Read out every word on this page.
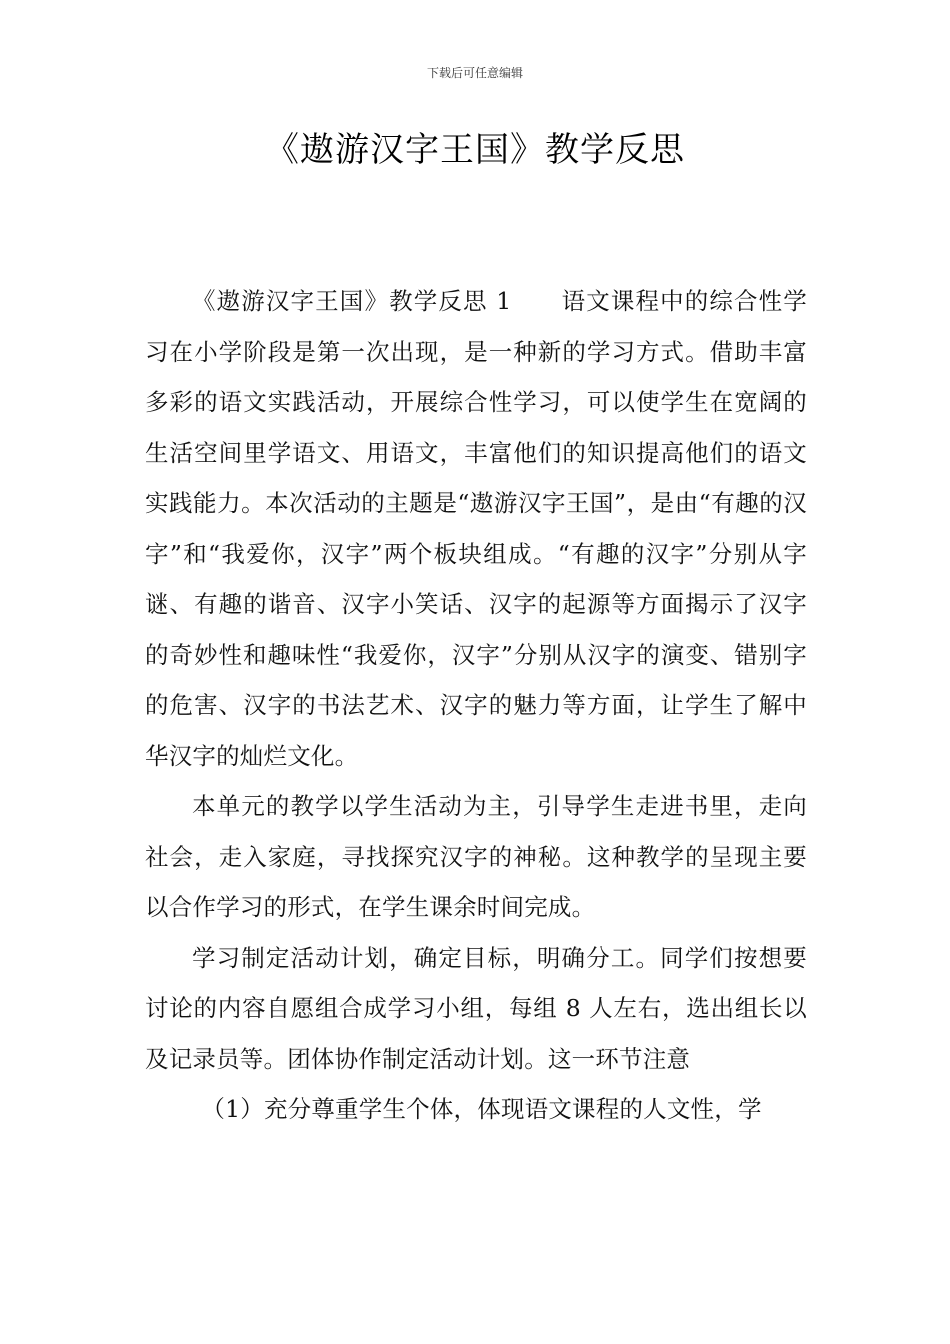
下载后可任意编辑
《遨游汉字王国》教学反思

《遨游汉字王国》教学反思 1　　语文课程中的综合性学习在小学阶段是第一次出现，是一种新的学习方式。借助丰富多彩的语文实践活动，开展综合性学习，可以使学生在宽阔的生活空间里学语文、用语文，丰富他们的知识提高他们的语文实践能力。本次活动的主题是“遨游汉字王国”，是由“有趣的汉字”和“我爱你，汉字”两个板块组成。“有趣的汉字”分别从字谜、有趣的谐音、汉字小笑话、汉字的起源等方面揭示了汉字的奇妙性和趣味性“我爱你，汉字”分别从汉字的演变、错别字的危害、汉字的书法艺术、汉字的魅力等方面，让学生了解中华汉字的灿烂文化。

本单元的教学以学生活动为主，引导学生走进书里，走向社会，走入家庭，寻找探究汉字的神秘。这种教学的呈现主要以合作学习的形式，在学生课余时间完成。

学习制定活动计划，确定目标，明确分工。同学们按想要讨论的内容自愿组合成学习小组，每组 8 人左右，选出组长以及记录员等。团体协作制定活动计划。这一环节注意

（1）充分尊重学生个体，体现语文课程的人文性，学
